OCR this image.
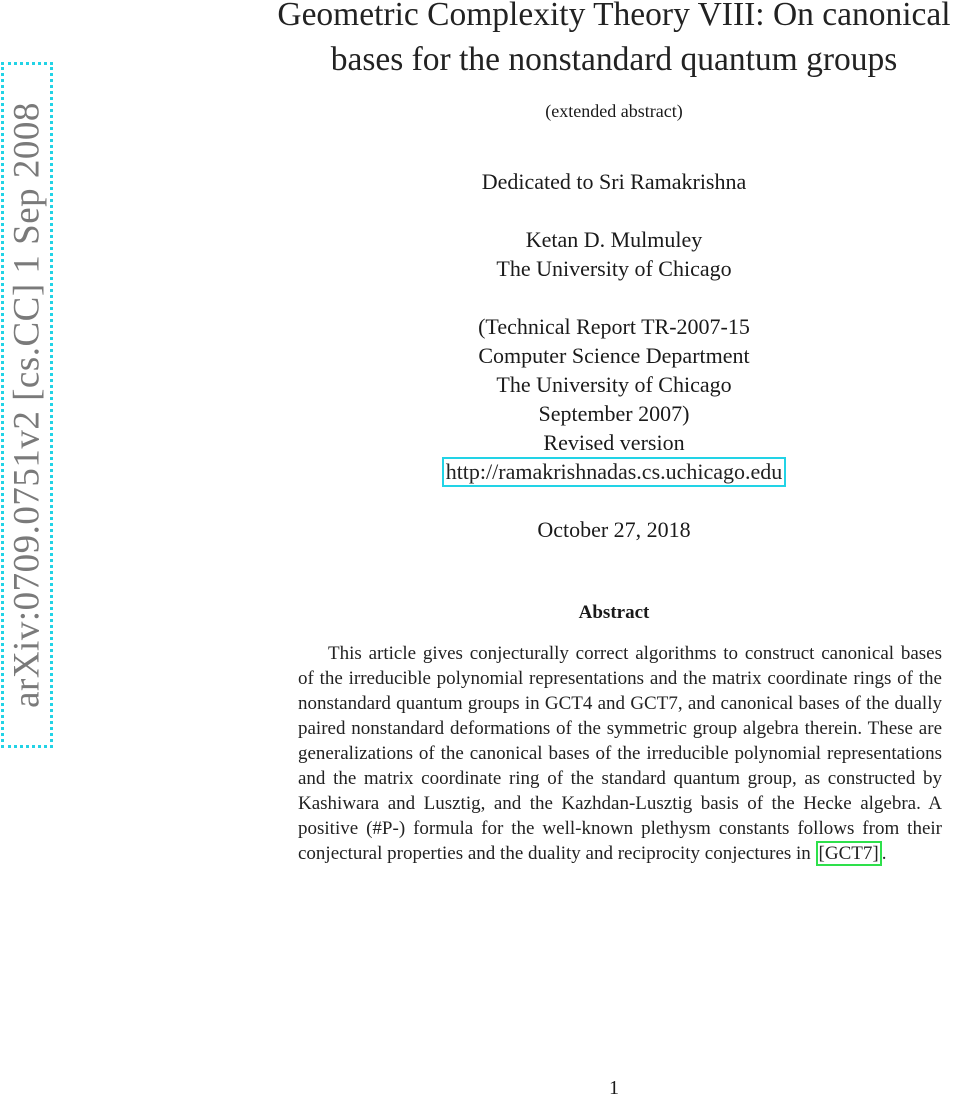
arXiv:0709.0751v2 [cs.CC] 1 Sep 2008
Geometric Complexity Theory VIII: On canonical
bases for the nonstandard quantum groups
(extended abstract)
Dedicated to Sri Ramakrishna
Ketan D. Mulmuley
The University of Chicago
(Technical Report TR-2007-15
Computer Science Department
The University of Chicago
September 2007)
Revised version
http://ramakrishnadas.cs.uchicago.edu
October 27, 2018
Abstract
This article gives conjecturally correct algorithms to construct canonical bases of the irreducible polynomial representations and the matrix coordinate rings of the nonstandard quantum groups in GCT4 and GCT7, and canonical bases of the dually paired nonstandard deformations of the symmetric group algebra therein. These are generalizations of the canonical bases of the irreducible polynomial representations and the matrix coordinate ring of the standard quantum group, as constructed by Kashiwara and Lusztig, and the Kazhdan-Lusztig basis of the Hecke algebra. A positive (#P-) formula for the well-known plethysm constants follows from their conjectural properties and the duality and reciprocity conjectures in [GCT7] .
1
